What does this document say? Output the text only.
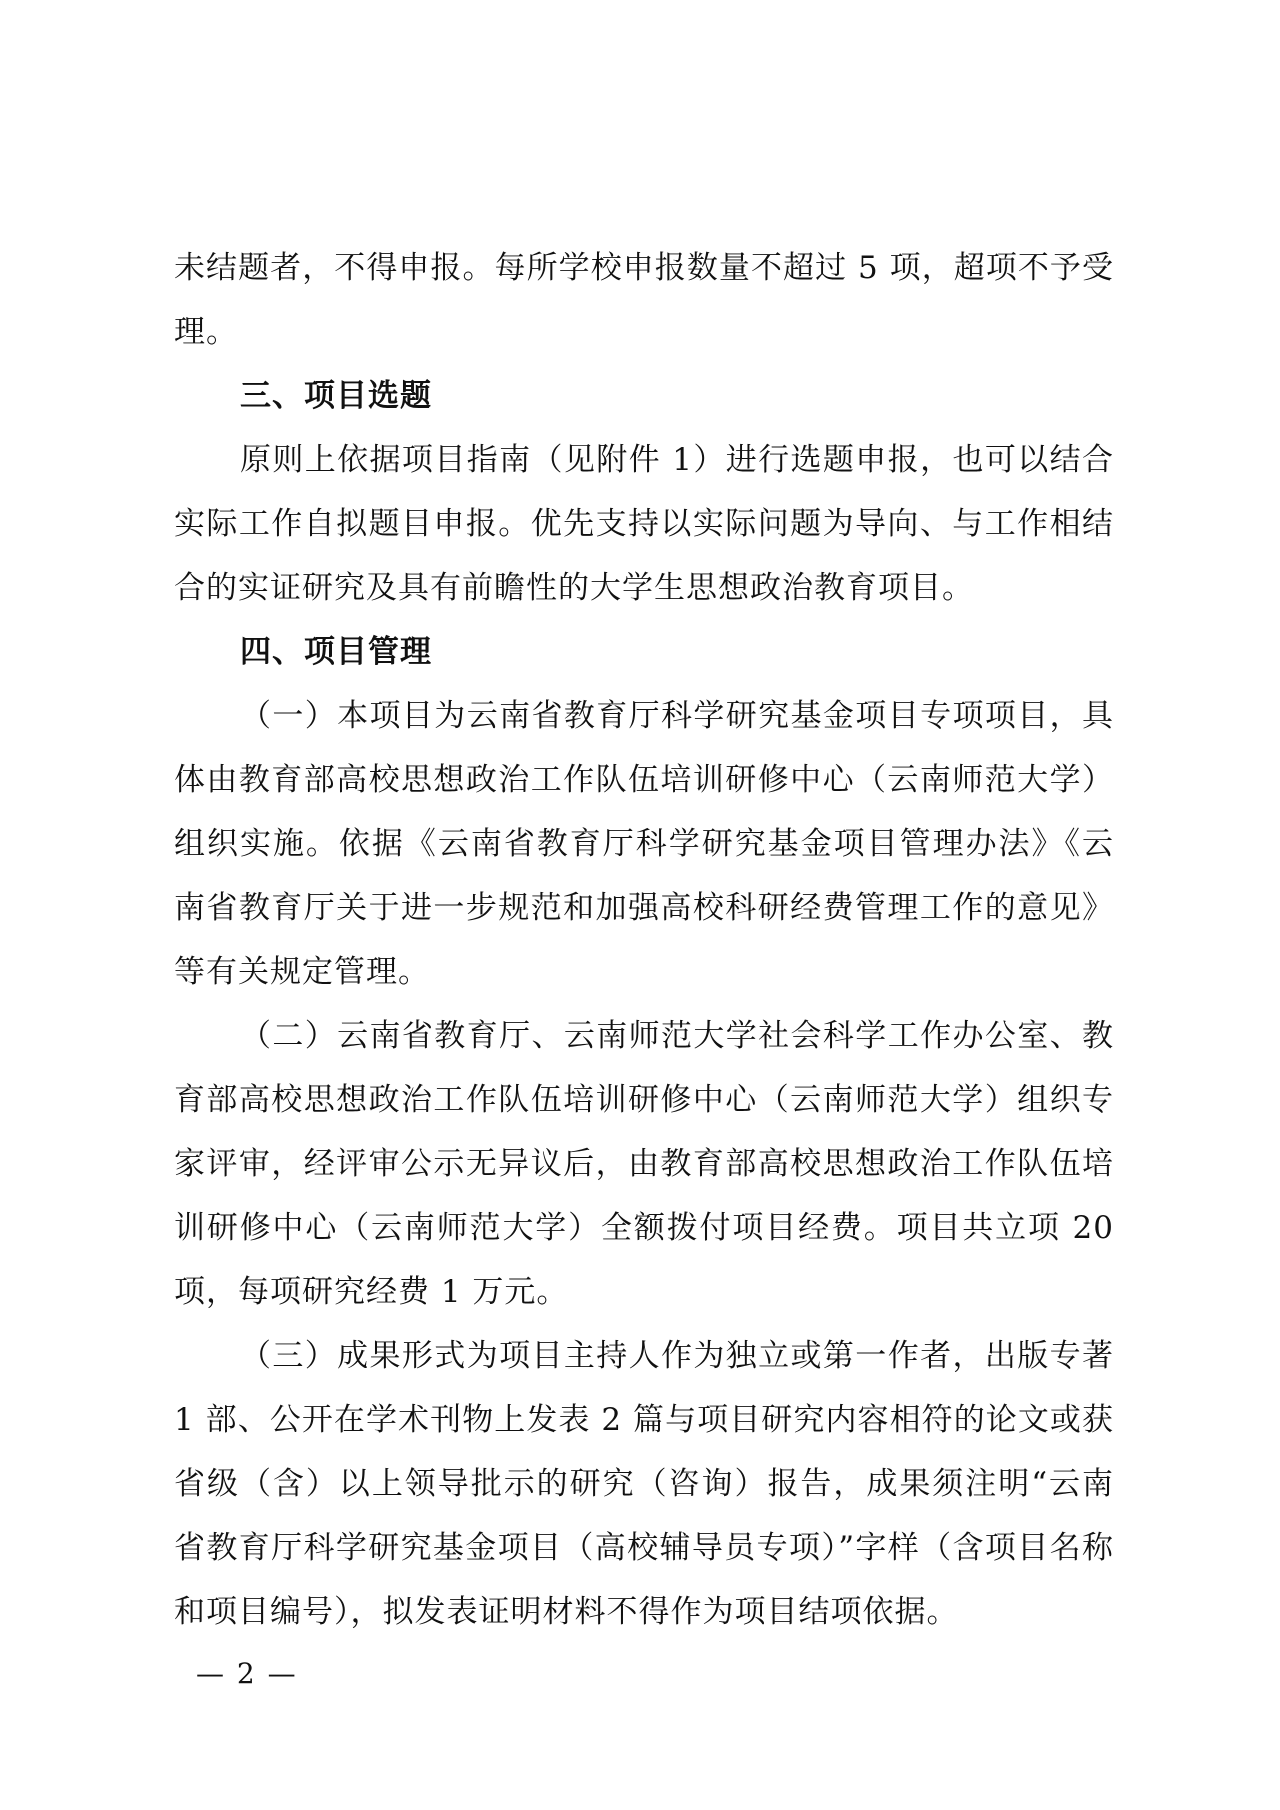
未结题者，不得申报。每所学校申报数量不超过 5 项，超项不予受理。

三、项目选题

原则上依据项目指南（见附件 1）进行选题申报，也可以结合实际工作自拟题目申报。优先支持以实际问题为导向、与工作相结合的实证研究及具有前瞻性的大学生思想政治教育项目。

四、项目管理

（一）本项目为云南省教育厅科学研究基金项目专项项目，具体由教育部高校思想政治工作队伍培训研修中心（云南师范大学）组织实施。依据《云南省教育厅科学研究基金项目管理办法》《云南省教育厅关于进一步规范和加强高校科研经费管理工作的意见》等有关规定管理。

（二）云南省教育厅、云南师范大学社会科学工作办公室、教育部高校思想政治工作队伍培训研修中心（云南师范大学）组织专家评审，经评审公示无异议后，由教育部高校思想政治工作队伍培训研修中心（云南师范大学）全额拨付项目经费。项目共立项 20 项，每项研究经费 1 万元。

（三）成果形式为项目主持人作为独立或第一作者，出版专著 1 部、公开在学术刊物上发表 2 篇与项目研究内容相符的论文或获省级（含）以上领导批示的研究（咨询）报告，成果须注明“云南省教育厅科学研究基金项目（高校辅导员专项）”字样（含项目名称和项目编号），拟发表证明材料不得作为项目结项依据。

— 2 —
